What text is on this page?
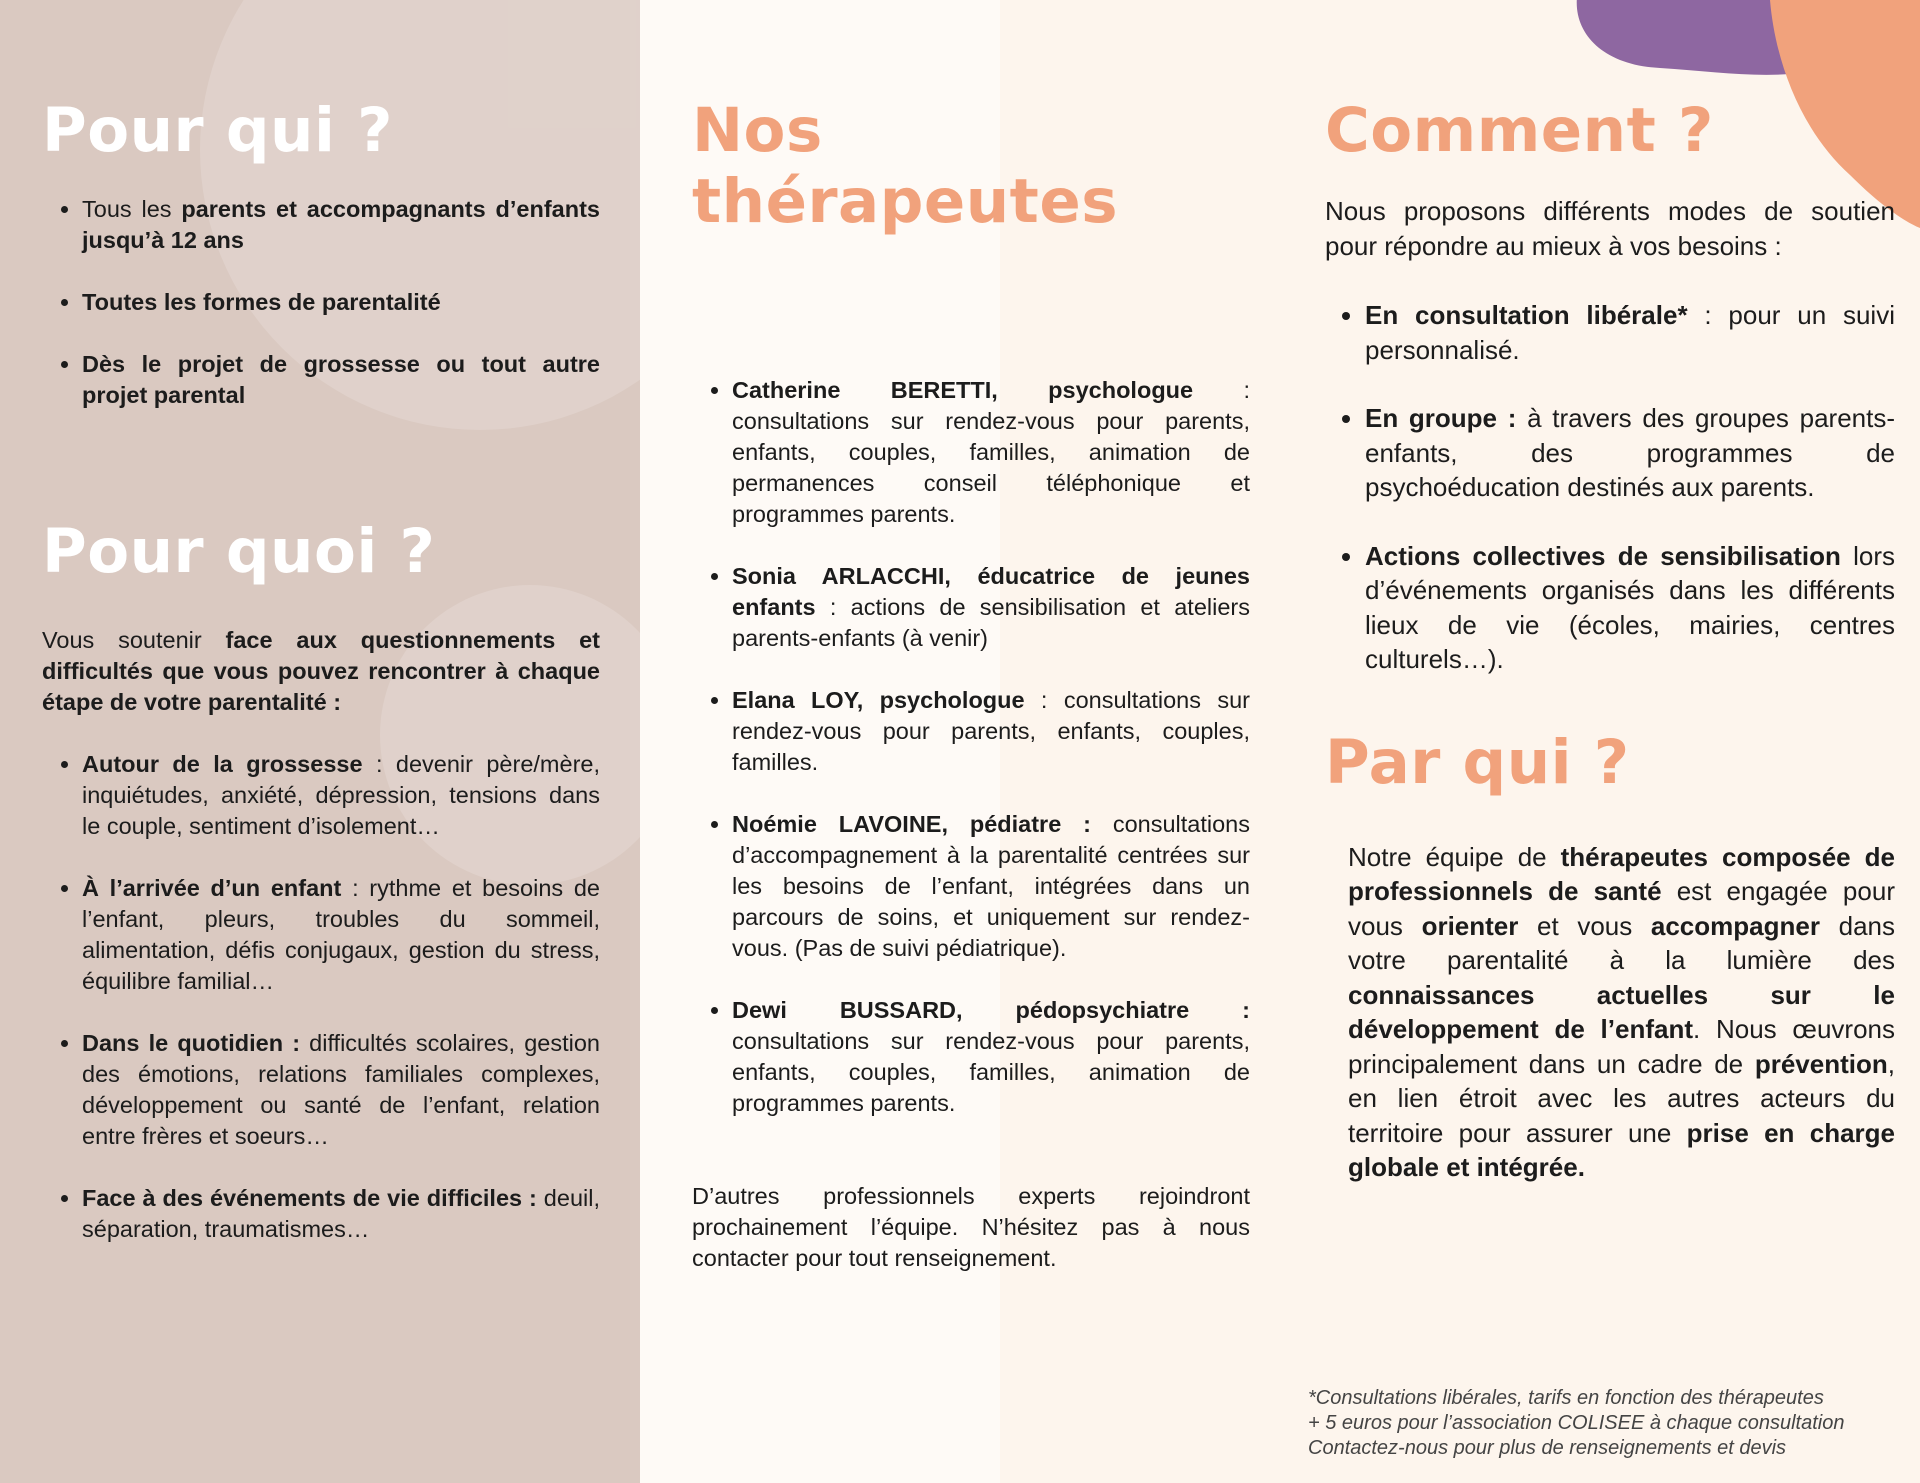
Pour qui ?
• Tous les parents et accompagnants d’enfants jusqu’à 12 ans
• Toutes les formes de parentalité
• Dès le projet de grossesse ou tout autre projet parental
Pour quoi ?

Vous soutenir face aux questionnements et difficultés que vous pouvez rencontrer à chaque étape de votre parentalité :

• Autour de la grossesse : devenir père/mère, inquiétudes, anxiété, dépression, tensions dans le couple, sentiment d’isolement…
• À l’arrivée d’un enfant : rythme et besoins de l’enfant, pleurs, troubles du sommeil, alimentation, défis conjugaux, gestion du stress, équilibre familial…
• Dans le quotidien : difficultés scolaires, gestion des émotions, relations familiales complexes, développement ou santé de l’enfant, relation entre frères et soeurs…
• Face à des événements de vie difficiles : deuil, séparation, traumatismes…
Nos thérapeutes
• Catherine BERETTI, psychologue : consultations sur rendez-vous pour parents, enfants, couples, familles, animation de permanences conseil téléphonique et programmes parents.
• Sonia ARLACCHI, éducatrice de jeunes enfants : actions de sensibilisation et ateliers parents-enfants (à venir)
• Elana LOY, psychologue : consultations sur rendez-vous pour parents, enfants, couples, familles.
• Noémie LAVOINE, pédiatre : consultations d’accompagnement à la parentalité centrées sur les besoins de l’enfant, intégrées dans un parcours de soins, et uniquement sur rendez-vous. (Pas de suivi pédiatrique).
• Dewi BUSSARD, pédopsychiatre : consultations sur rendez-vous pour parents, enfants, couples, familles, animation de programmes parents.

D’autres professionnels experts rejoindront prochainement l’équipe. N’hésitez pas à nous contacter pour tout renseignement.

Comment ?

Nous proposons différents modes de soutien pour répondre au mieux à vos besoins :

• En consultation libérale* : pour un suivi personnalisé.
• En groupe : à travers des groupes parents-enfants, des programmes de psychoéducation destinés aux parents.
• Actions collectives de sensibilisation lors d’événements organisés dans les différents lieux de vie (écoles, mairies, centres culturels…).
Par qui ?

Notre équipe de thérapeutes composée de professionnels de santé est engagée pour vous orienter et vous accompagner dans votre parentalité à la lumière des connaissances actuelles sur le développement de l’enfant. Nous œuvrons principalement dans un cadre de prévention, en lien étroit avec les autres acteurs du territoire pour assurer une prise en charge globale et intégrée.

*Consultations libérales, tarifs en fonction des thérapeutes
+ 5 euros pour l’association COLISEE à chaque consultation
Contactez-nous pour plus de renseignements et devis
